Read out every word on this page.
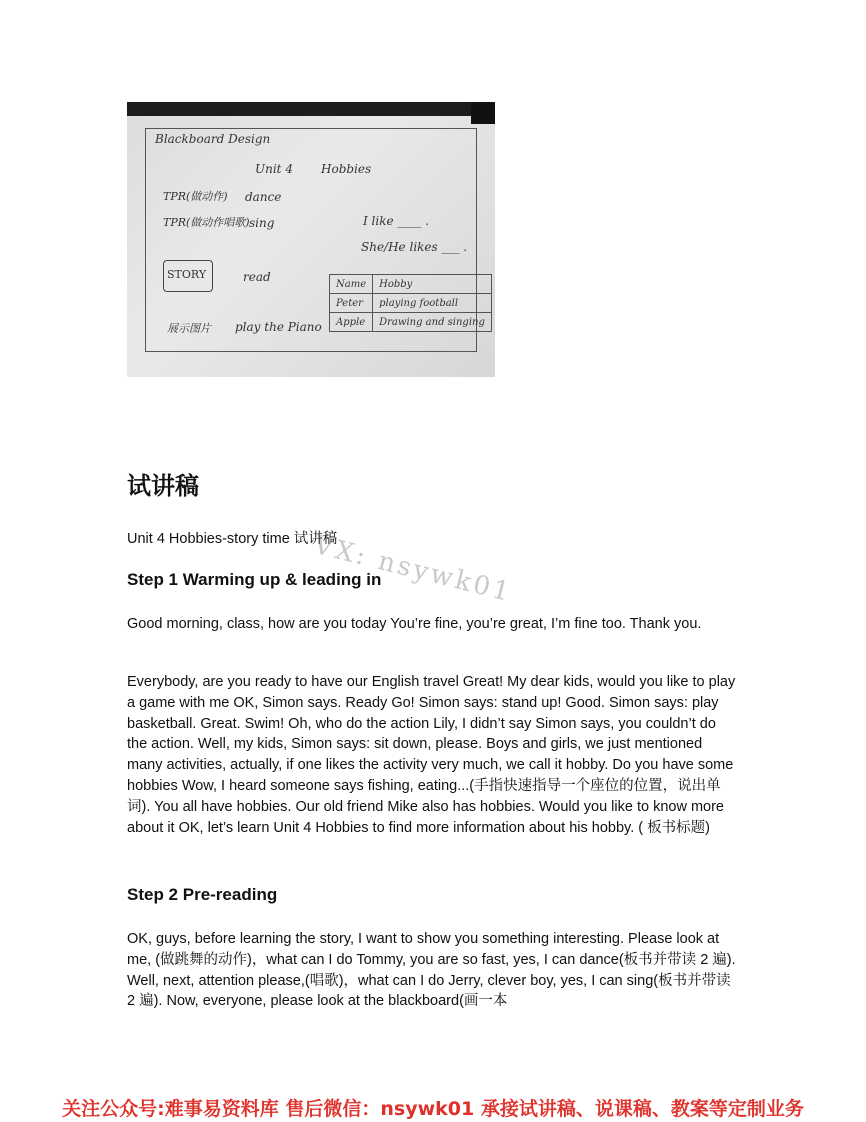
Blackboard Design
Unit 4 Hobbies
TPR(做动作) dance
TPR(做动作唱歌) sing	I like ____ .
She/He likes ___ .
STORY	read
展示图片 play the Piano
Name	Hobby
Peter	playing football
Apple	Drawing and singing
试讲稿
VX: nsywk01

Unit 4 Hobbies-story time 试讲稿

Step 1 Warming up & leading in

Good morning, class, how are you today You’re fine, you’re great, I’m fine too. Thank you.

Everybody, are you ready to have our English travel Great! My dear kids, would you like to play a game with me OK, Simon says. Ready Go! Simon says: stand up! Good. Simon says: play basketball. Great. Swim! Oh, who do the action Lily, I didn’t say Simon says, you couldn’t do the action. Well, my kids, Simon says: sit down, please. Boys and girls, we just mentioned many activities, actually, if one likes the activity very much, we call it hobby. Do you have some hobbies Wow, I heard someone says fishing, eating...(手指快速指导一个座位的位置，说出单词). You all have hobbies. Our old friend Mike also has hobbies. Would you like to know more about it OK, let’s learn Unit 4 Hobbies to find more information about his hobby. ( 板书标题)

Step 2 Pre-reading

OK, guys, before learning the story, I want to show you something interesting. Please look at me, (做跳舞的动作)，what can I do Tommy, you are so fast, yes, I can dance(板书并带读 2 遍). Well, next, attention please,(唱歌)，what can I do Jerry, clever boy, yes, I can sing(板书并带读 2 遍). Now, everyone, please look at the blackboard(画一本

关注公众号:难事易资料库 售后微信：nsywk01 承接试讲稿、说课稿、教案等定制业务
